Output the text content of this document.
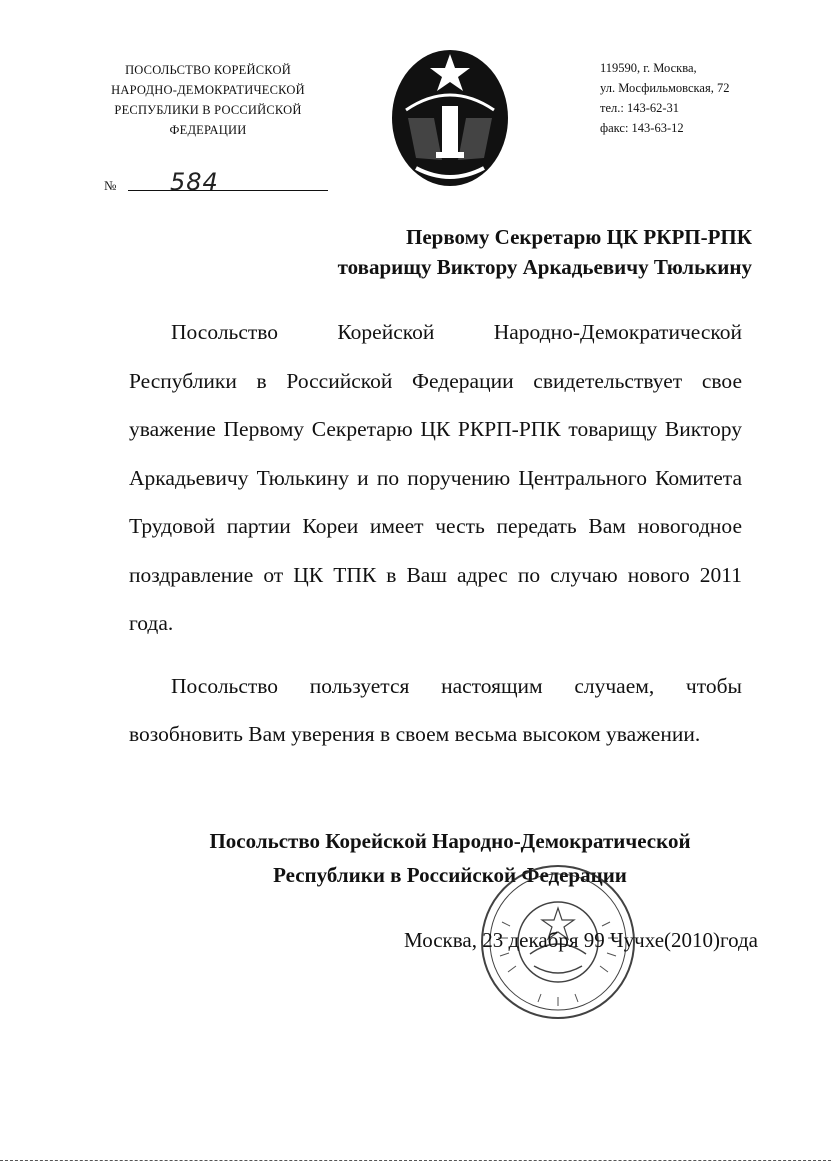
ПОСОЛЬСТВО КОРЕЙСКОЙ
НАРОДНО-ДЕМОКРАТИЧЕСКОЙ
РЕСПУБЛИКИ В РОССИЙСКОЙ
ФЕДЕРАЦИИ
119590, г. Москва,
ул. Мосфильмовская, 72
тел.: 143-62-31
факс: 143-63-12
№ 584
Первому Секретарю ЦК РКРП-РПК
товарищу Виктору Аркадьевичу Тюлькину

Посольство Корейской Народно-Демократической Республики в Российской Федерации свидетельствует свое уважение Первому Секретарю ЦК РКРП-РПК товарищу Виктору Аркадьевичу Тюлькину и по поручению Центрального Комитета Трудовой партии Кореи имеет честь передать Вам новогодное поздравление от ЦК ТПК в Ваш адрес по случаю нового 2011 года.

Посольство пользуется настоящим случаем, чтобы возобновить Вам уверения в своем весьма высоком уважении.

Посольство Корейской Народно-Демократической
Республики в Российской Федерации
Москва, 23 декабря 99 Чучхе(2010)года
